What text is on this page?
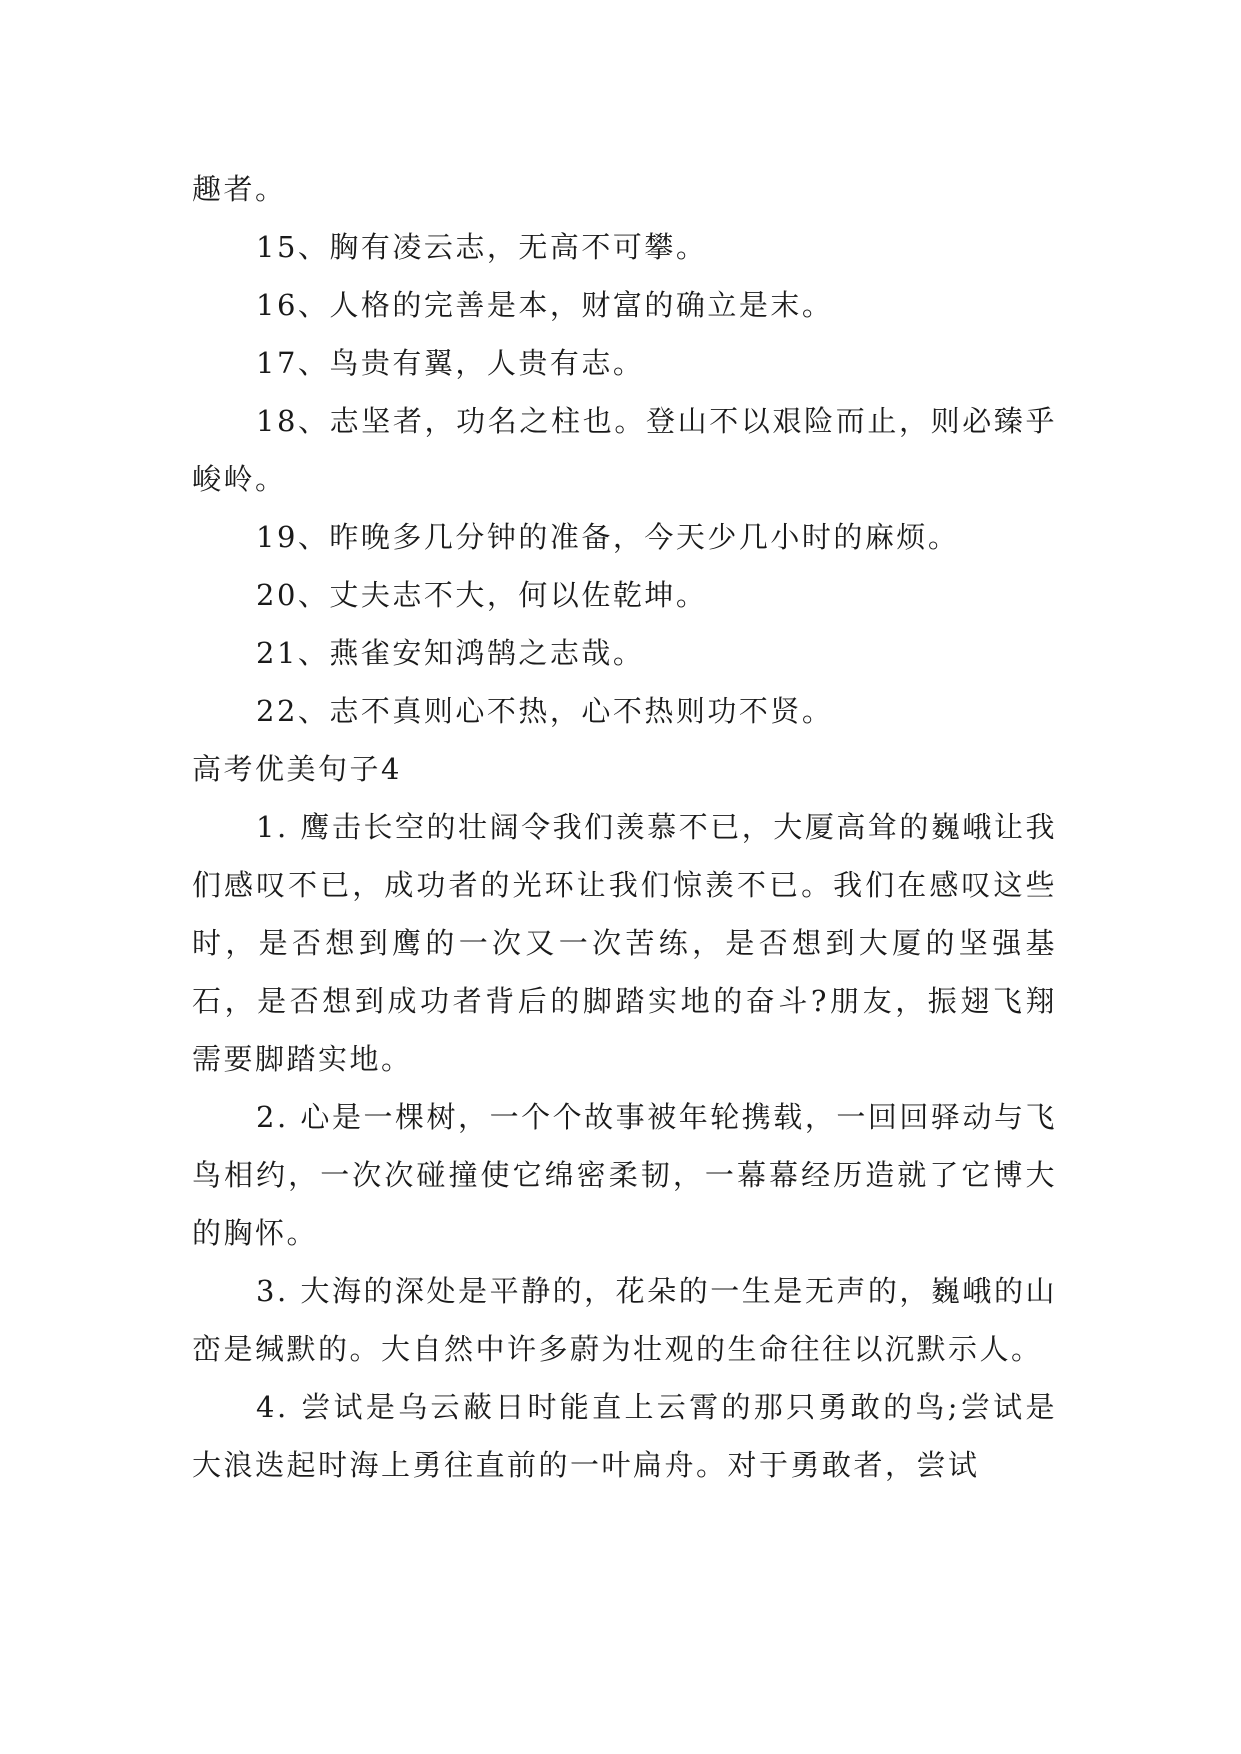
趣者。

15、胸有凌云志，无高不可攀。

16、人格的完善是本，财富的确立是末。

17、鸟贵有翼，人贵有志。

18、志坚者，功名之柱也。登山不以艰险而止，则必臻乎峻岭。

19、昨晚多几分钟的准备，今天少几小时的麻烦。

20、丈夫志不大，何以佐乾坤。

21、燕雀安知鸿鹄之志哉。

22、志不真则心不热，心不热则功不贤。

高考优美句子4

1. 鹰击长空的壮阔令我们羡慕不已，大厦高耸的巍峨让我们感叹不已，成功者的光环让我们惊羡不已。我们在感叹这些时，是否想到鹰的一次又一次苦练，是否想到大厦的坚强基石，是否想到成功者背后的脚踏实地的奋斗?朋友，振翅飞翔需要脚踏实地。

2. 心是一棵树，一个个故事被年轮携载，一回回驿动与飞鸟相约，一次次碰撞使它绵密柔韧，一幕幕经历造就了它博大的胸怀。

3. 大海的深处是平静的，花朵的一生是无声的，巍峨的山峦是缄默的。大自然中许多蔚为壮观的生命往往以沉默示人。

4. 尝试是乌云蔽日时能直上云霄的那只勇敢的鸟;尝试是大浪迭起时海上勇往直前的一叶扁舟。对于勇敢者，尝试
